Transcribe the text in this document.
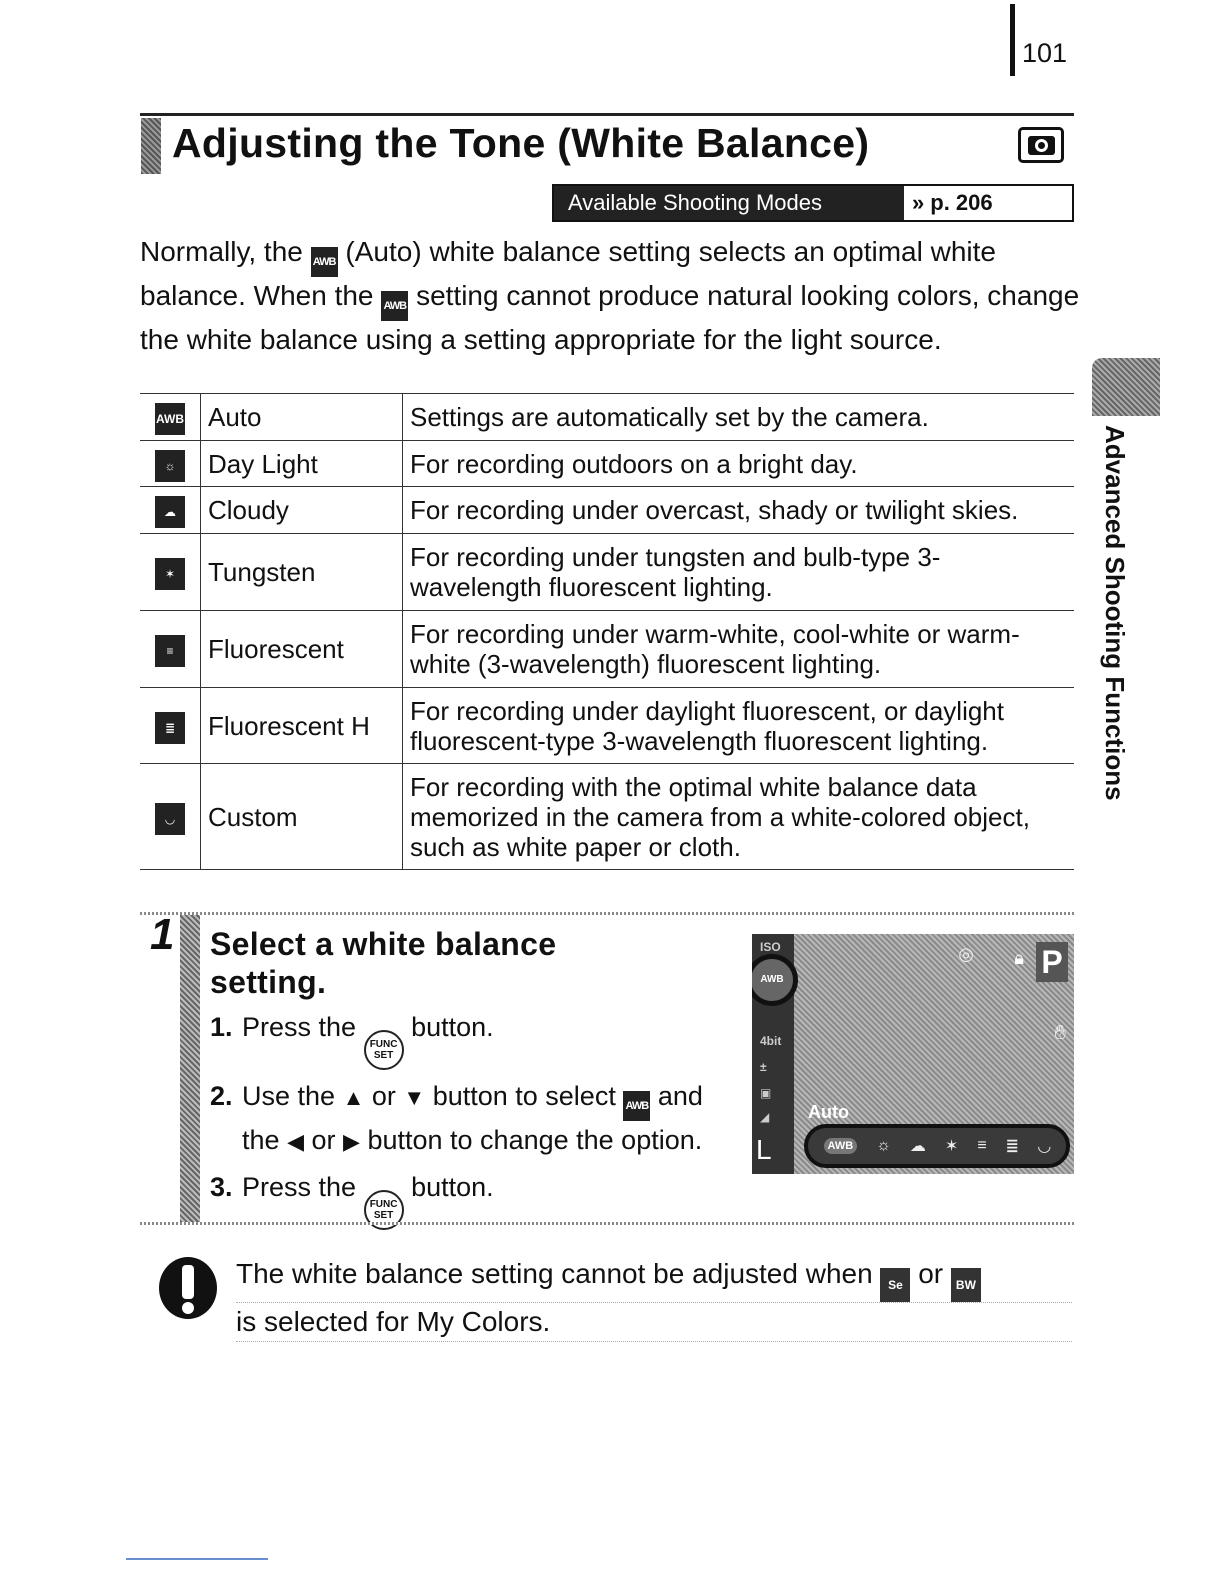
101
Adjusting the Tone (White Balance)
Available Shooting Modes	» p. 206
Normally, the AWB (Auto) white balance setting selects an optimal white balance. When the AWB setting cannot produce natural looking colors, change the white balance using a setting appropriate for the light source.
AWB	Auto	Settings are automatically set by the camera.
☼	Day Light	For recording outdoors on a bright day.
☁	Cloudy	For recording under overcast, shady or twilight skies.
✶	Tungsten	For recording under tungsten and bulb-type 3-wavelength fluorescent lighting.
≡	Fluorescent	For recording under warm-white, cool-white or warm-white (3-wavelength) fluorescent lighting.
≣	Fluorescent H	For recording under daylight fluorescent, or daylight fluorescent-type 3-wavelength fluorescent lighting.
◡	Custom	For recording with the optimal white balance data memorized in the camera from a white-colored object, such as white paper or cloth.
Advanced Shooting Functions
1 Select a white balance
setting.
1. Press the FUNC SET button.
2. Use the ▲ or ▼ button to select AWB and the ◀ or ▶ button to change the option.
3. Press the FUNC SET button.
ISO
4bit
±
▣
◢
AWB
◎ 🔒︎ P
✋︎
Auto
L	AWB ☼ ☁ ✶ ≡ ≣ ◡
The white balance setting cannot be adjusted when Se or BW
is selected for My Colors.
